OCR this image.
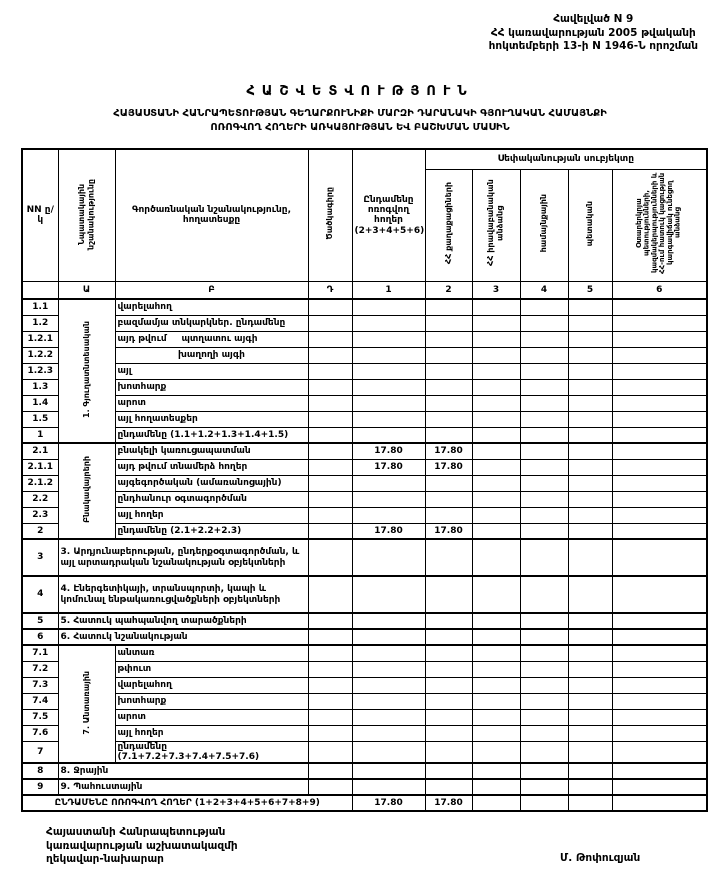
Հավելված N 9
ՀՀ կառավարության 2005 թվականի
հոկտեմբերի 13-ի N 1946-Ն որոշման
ՀԱՇՎԵՏՎՈՒԹՅՈՒՆ
ՀԱՅԱՍՏԱՆԻ ՀԱՆՐԱՊԵՏՈՒԹՅԱՆ ԳԵՂԱՐՔՈՒՆԻՔԻ ՄԱՐԶԻ ԴԱՐԱՆԱԿԻ ԳՅՈՒՂԱԿԱՆ ՀԱՄԱՅՆՔԻ
ՈՌՈԳՎՈՂ ՀՈՂԵՐԻ ԱՌԿԱՅՈՒԹՅԱՆ ԵՎ ԲԱՇԽՄԱՆ ՄԱՍԻՆ
NN ը/կ	Նպատակային նշանակությունը	Գործառնական նշանակությունը, հողատեսքը	Ծածկագիրը	Ընդամենը ոռոգվող հողեր (2+3+4+5+6)	Սեփականության սուբյեկտը				
					ՀՀ քաղաքացիների	ՀՀ իրավաբանական անձանց	համայնքային	պետական	Օտարերկրյա պետությունների, կազմակերպությունների և ՀՀ-ում հատուկ կացության կարգավիճակ ունեցող անձանց
	Ա	Բ	Դ	1	2	3	4	5	6
1.1	1. Գյուղատնտեսական	վարելահող							
1.2		բազմամյա տնկարկներ. ընդամենը							
1.2.1		այդ թվում պտղատու այգի							

1.2.2		խաղողի այգի							
1.2.3		այլ							
1.3		խոտհարք							
1.4		արոտ							
1.5		այլ հողատեսքեր							
1		ընդամենը (1.1+1.2+1.3+1.4+1.5)							
2.1	Բնակավայրերի	բնակելի կառուցապատման		17.80	17.80				
2.1.1		այդ թվում տնամերձ հողեր		17.80	17.80				
2.1.2		այգեգործական (ամառանոցային)							
2.2		ընդհանուր օգտագործման							
2.3		այլ հողեր							
2		ընդամենը (2.1+2.2+2.3)		17.80	17.80				
3	3. Արդյունաբերության, ընդերքօգտագործման, և այլ արտադրական նշանակության օբյեկտների								
4	4. Էներգետիկայի, տրանսպորտի, կապի և կոմունալ ենթակառուցվածքների օբյեկտների								
5	5. Հատուկ պահպանվող տարածքների								
6	6. Հատուկ նշանակության								
7.1	7. Անտառային	անտառ							
7.2		թփուտ							
7.3		վարելահող							
7.4		խոտհարք							
7.5		արոտ							
7.6		այլ հողեր							
7		ընդամենը (7.1+7.2+7.3+7.4+7.5+7.6)							
8	8. Ջրային								
9	9. Պահուստային								
ԸՆԴԱՄԵՆԸ ՈՌՈԳՎՈՂ ՀՈՂԵՐ (1+2+3+4+5+6+7+8+9)				17.80	17.80				
Հայաստանի Հանրապետության
կառավարության աշխատակազմի
ղեկավար-նախարար	Մ. Թոփուզյան
